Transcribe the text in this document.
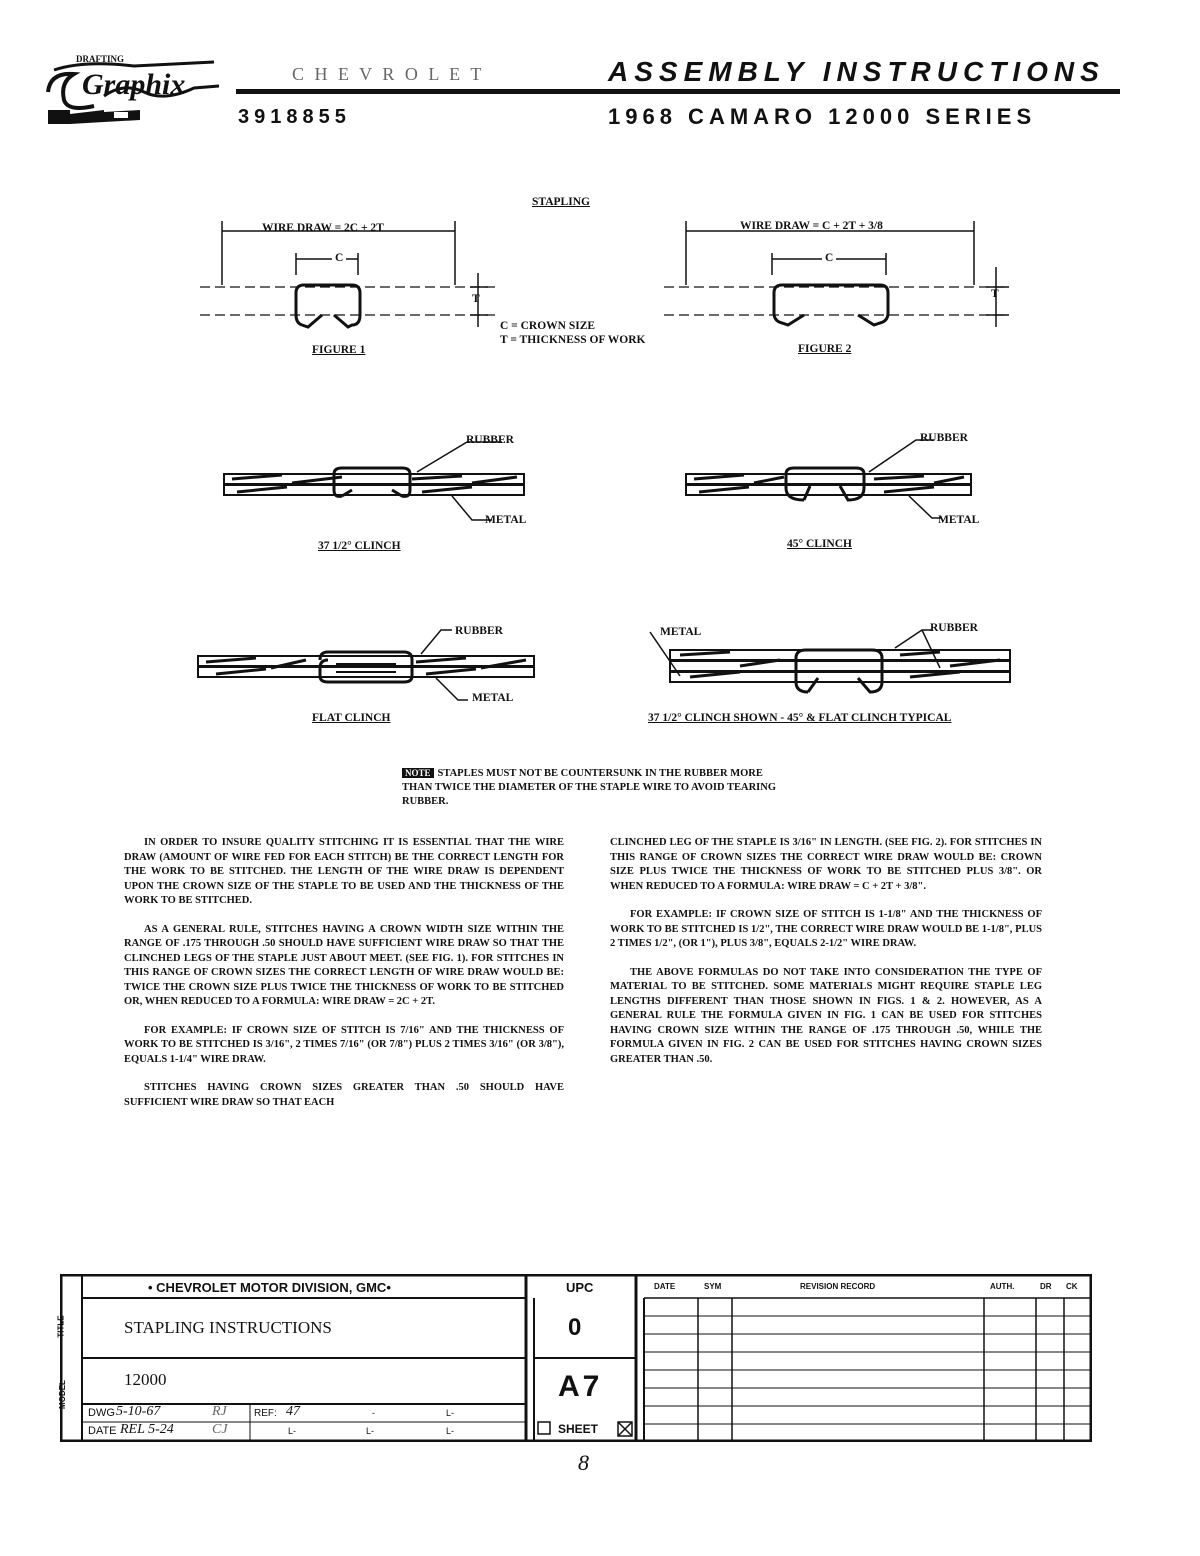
DRAFTING
Graphix	C H E V R O L E T	ASSEMBLY INSTRUCTIONS
3918855	1968 CAMARO 12000 SERIES
STAPLING
WIRE DRAW = 2C + 2T
C
T
FIGURE 1
WIRE DRAW = C + 2T + 3/8
C
T
FIGURE 2
C = CROWN SIZE
T = THICKNESS OF WORK
RUBBER
METAL
37 1/2° CLINCH
RUBBER
METAL
45° CLINCH
RUBBER
METAL
FLAT CLINCH
METAL	RUBBER
37 1/2° CLINCH SHOWN - 45° & FLAT CLINCH TYPICAL
NOTE STAPLES MUST NOT BE COUNTERSUNK IN THE RUBBER MORE THAN TWICE THE DIAMETER OF THE STAPLE WIRE TO AVOID TEARING RUBBER.

IN ORDER TO INSURE QUALITY STITCHING IT IS ESSENTIAL THAT THE WIRE DRAW (AMOUNT OF WIRE FED FOR EACH STITCH) BE THE CORRECT LENGTH FOR THE WORK TO BE STITCHED. THE LENGTH OF THE WIRE DRAW IS DEPENDENT UPON THE CROWN SIZE OF THE STAPLE TO BE USED AND THE THICKNESS OF THE WORK TO BE STITCHED.

AS A GENERAL RULE, STITCHES HAVING A CROWN WIDTH SIZE WITHIN THE RANGE OF .175 THROUGH .50 SHOULD HAVE SUFFICIENT WIRE DRAW SO THAT THE CLINCHED LEGS OF THE STAPLE JUST ABOUT MEET. (SEE FIG. 1). FOR STITCHES IN THIS RANGE OF CROWN SIZES THE CORRECT LENGTH OF WIRE DRAW WOULD BE: TWICE THE CROWN SIZE PLUS TWICE THE THICKNESS OF WORK TO BE STITCHED OR, WHEN REDUCED TO A FORMULA: WIRE DRAW = 2C + 2T.

FOR EXAMPLE: IF CROWN SIZE OF STITCH IS 7/16" AND THE THICKNESS OF WORK TO BE STITCHED IS 3/16", 2 TIMES 7/16" (OR 7/8") PLUS 2 TIMES 3/16" (OR 3/8"), EQUALS 1-1/4" WIRE DRAW.

STITCHES HAVING CROWN SIZES GREATER THAN .50 SHOULD HAVE SUFFICIENT WIRE DRAW SO THAT EACH

CLINCHED LEG OF THE STAPLE IS 3/16" IN LENGTH. (SEE FIG. 2). FOR STITCHES IN THIS RANGE OF CROWN SIZES THE CORRECT WIRE DRAW WOULD BE: CROWN SIZE PLUS TWICE THE THICKNESS OF WORK TO BE STITCHED PLUS 3/8". OR WHEN REDUCED TO A FORMULA: WIRE DRAW = C + 2T + 3/8".

FOR EXAMPLE: IF CROWN SIZE OF STITCH IS 1-1/8" AND THE THICKNESS OF WORK TO BE STITCHED IS 1/2", THE CORRECT WIRE DRAW WOULD BE 1-1/8", PLUS 2 TIMES 1/2", (OR 1"), PLUS 3/8", EQUALS 2-1/2" WIRE DRAW.

THE ABOVE FORMULAS DO NOT TAKE INTO CONSIDERATION THE TYPE OF MATERIAL TO BE STITCHED. SOME MATERIALS MIGHT REQUIRE STAPLE LEG LENGTHS DIFFERENT THAN THOSE SHOWN IN FIGS. 1 & 2. HOWEVER, AS A GENERAL RULE THE FORMULA GIVEN IN FIG. 1 CAN BE USED FOR STITCHES HAVING CROWN SIZE WITHIN THE RANGE OF .175 THROUGH .50, WHILE THE FORMULA GIVEN IN FIG. 2 CAN BE USED FOR STITCHES HAVING CROWN SIZES GREATER THAN .50.

• CHEVROLET MOTOR DIVISION, GMC•	UPC
TITLE
MODEL
STAPLING INSTRUCTIONS
12000
0
A7
SHEET
DWG 5-10-67	RJ	REF: 47	-	L-
DATE REL 5-24	CJ	L-	L-	L-
DATE	SYM	REVISION RECORD	AUTH.	DR CK
8
